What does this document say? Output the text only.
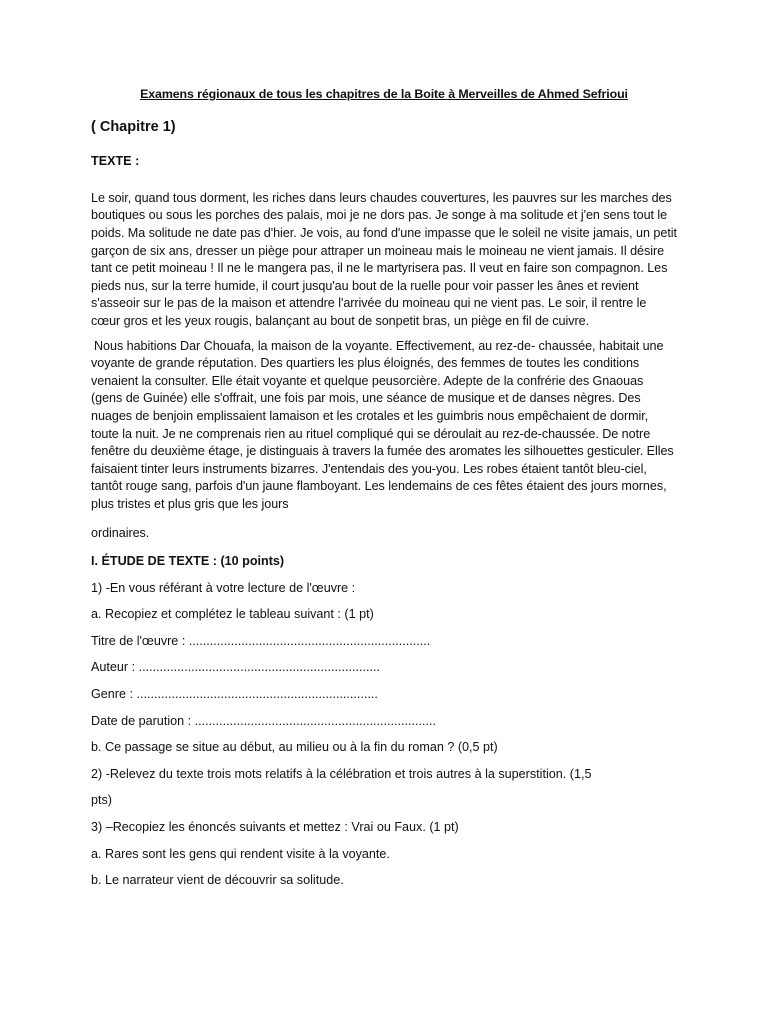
Examens régionaux de tous les chapitres de la Boite à Merveilles de Ahmed Sefrioui
( Chapitre 1)
TEXTE :

Le soir, quand tous dorment, les riches dans leurs chaudes couvertures, les pauvres sur les marches des boutiques ou sous les porches des palais, moi je ne dors pas. Je songe à ma solitude et j'en sens tout le poids. Ma solitude ne date pas d'hier. Je vois, au fond d'une impasse que le soleil ne visite jamais, un petit garçon de six ans, dresser un piège pour attraper un moineau mais le moineau ne vient jamais. Il désire tant ce petit moineau ! Il ne le mangera pas, il ne le martyrisera pas. Il veut en faire son compagnon. Les pieds nus, sur la terre humide, il court jusqu'au bout de la ruelle pour voir passer les ânes et revient s'asseoir sur le pas de la maison et attendre l'arrivée du moineau qui ne vient pas. Le soir, il rentre le cœur gros et les yeux rougis, balançant au bout de sonpetit bras, un piège en fil de cuivre.

Nous habitions Dar Chouafa, la maison de la voyante. Effectivement, au rez-de- chaussée, habitait une voyante de grande réputation. Des quartiers les plus éloignés, des femmes de toutes les conditions venaient la consulter. Elle était voyante et quelque peusorcière. Adepte de la confrérie des Gnaouas (gens de Guinée) elle s'offrait, une fois par mois, une séance de musique et de danses nègres. Des nuages de benjoin emplissaient lamaison et les crotales et les guimbris nous empêchaient de dormir, toute la nuit. Je ne comprenais rien au rituel compliqué qui se déroulait au rez-de-chaussée. De notre fenêtre du deuxième étage, je distinguais à travers la fumée des aromates les silhouettes gesticuler. Elles faisaient tinter leurs instruments bizarres. J'entendais des you-you. Les robes étaient tantôt bleu-ciel, tantôt rouge sang, parfois d'un jaune flamboyant. Les lendemains de ces fêtes étaient des jours mornes, plus tristes et plus gris que les jours

ordinaires.

I. ÉTUDE DE TEXTE : (10 points)
1) -En vous référant à votre lecture de l'œuvre :
a. Recopiez et complétez le tableau suivant : (1 pt)
Titre de l'œuvre : .....................................................................
Auteur : .....................................................................
Genre : .....................................................................
Date de parution : .....................................................................
b. Ce passage se situe au début, au milieu ou à la fin du roman ? (0,5 pt)
2) -Relevez du texte trois mots relatifs à la célébration et trois autres à la superstition. (1,5
pts)
3) –Recopiez les énoncés suivants et mettez : Vrai ou Faux. (1 pt)
a. Rares sont les gens qui rendent visite à la voyante.
b. Le narrateur vient de découvrir sa solitude.
